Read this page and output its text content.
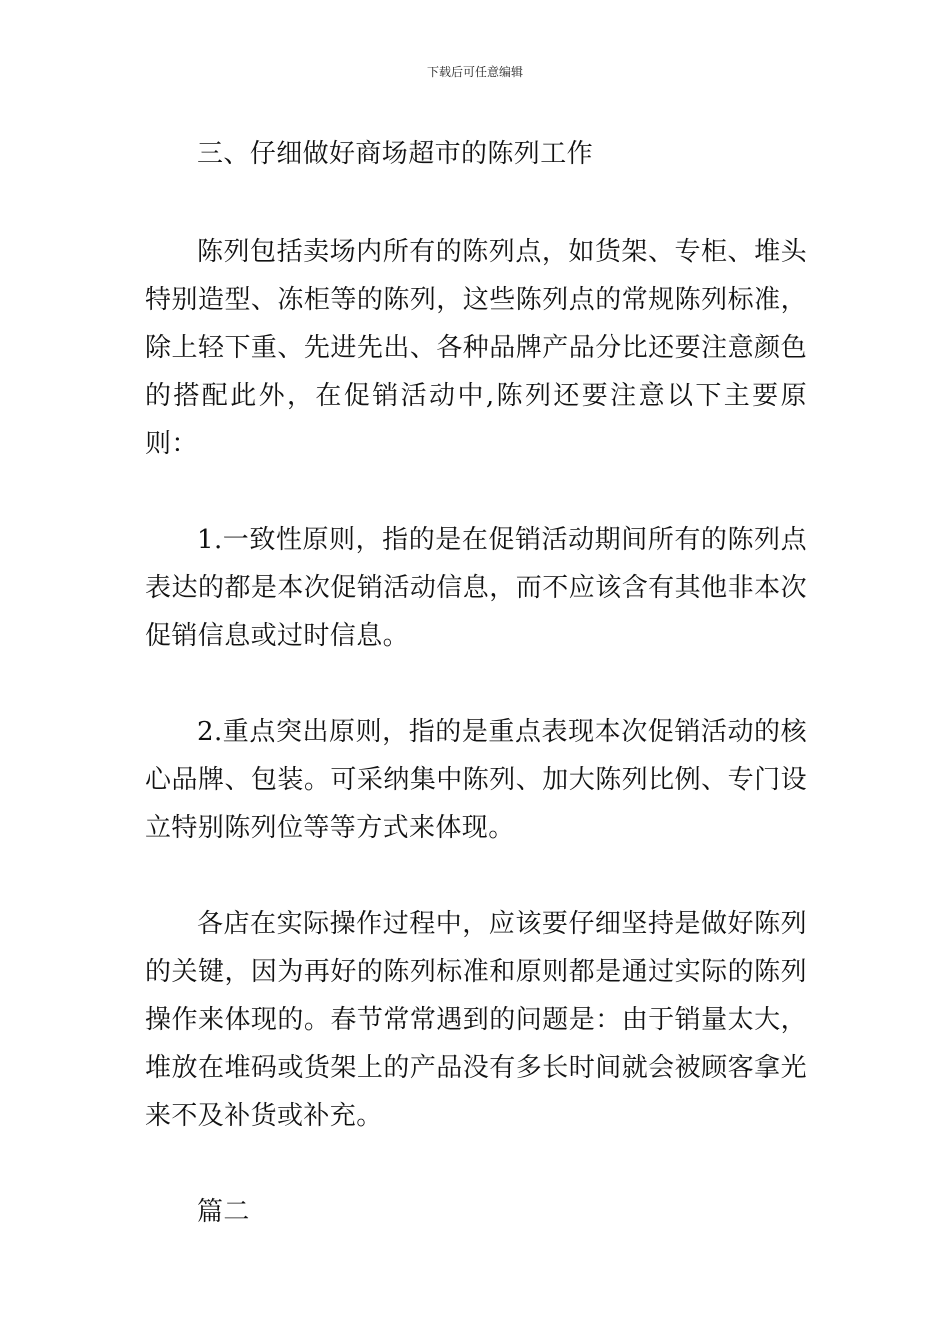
下载后可任意编辑

三、仔细做好商场超市的陈列工作

陈列包括卖场内所有的陈列点，如货架、专柜、堆头特别造型、冻柜等的陈列，这些陈列点的常规陈列标准，除上轻下重、先进先出、各种品牌产品分比还要注意颜色的搭配此外，在促销活动中,陈列还要注意以下主要原则：

1.一致性原则，指的是在促销活动期间所有的陈列点表达的都是本次促销活动信息，而不应该含有其他非本次促销信息或过时信息。

2.重点突出原则，指的是重点表现本次促销活动的核心品牌、包装。可采纳集中陈列、加大陈列比例、专门设立特别陈列位等等方式来体现。

各店在实际操作过程中，应该要仔细坚持是做好陈列的关键，因为再好的陈列标准和原则都是通过实际的陈列操作来体现的。春节常常遇到的问题是：由于销量太大，堆放在堆码或货架上的产品没有多长时间就会被顾客拿光来不及补货或补充。

篇二
